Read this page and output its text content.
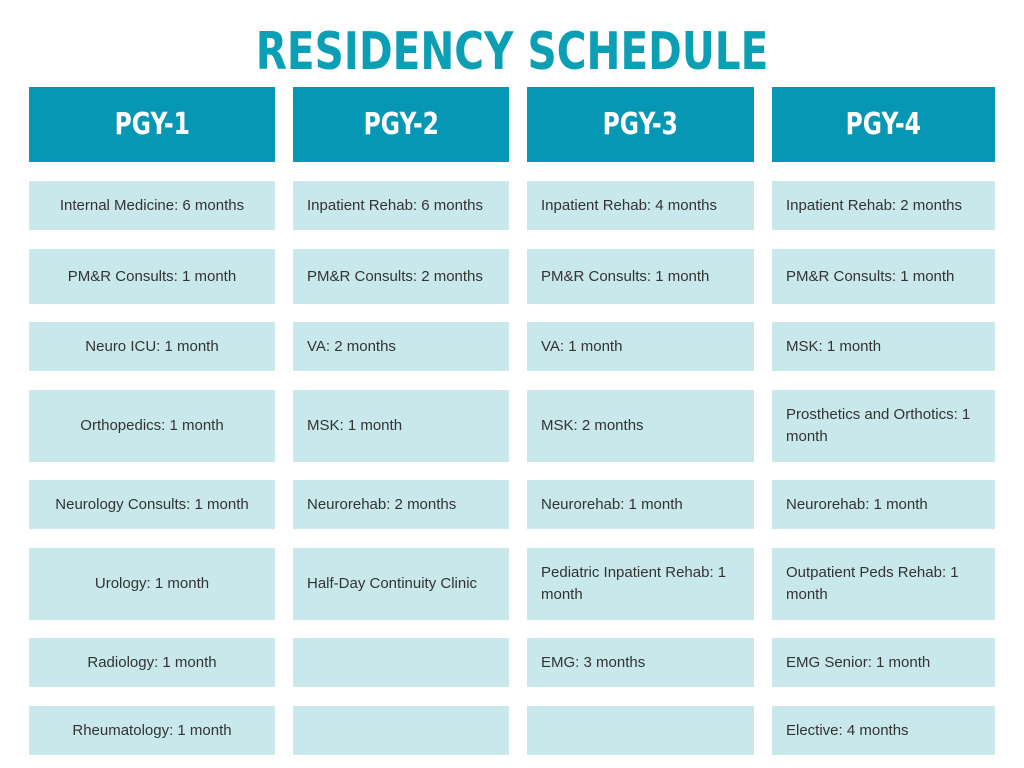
RESIDENCY SCHEDULE
PGY-1
Internal Medicine: 6 months
PM&R Consults: 1 month
Neuro ICU: 1 month
Orthopedics: 1 month
Neurology Consults: 1 month
Urology: 1 month
Radiology: 1 month
Rheumatology: 1 month
PGY-2
Inpatient Rehab: 6 months
PM&R Consults: 2 months
VA: 2 months
MSK: 1 month
Neurorehab: 2 months
Half-Day Continuity Clinic
PGY-3
Inpatient Rehab: 4 months
PM&R Consults: 1 month
VA: 1 month
MSK: 2 months
Neurorehab: 1 month
Pediatric Inpatient Rehab: 1 month
EMG: 3 months
PGY-4
Inpatient Rehab: 2 months
PM&R Consults: 1 month
MSK: 1 month
Prosthetics and Orthotics: 1 month
Neurorehab: 1 month
Outpatient Peds Rehab: 1 month
EMG Senior: 1 month
Elective: 4 months
